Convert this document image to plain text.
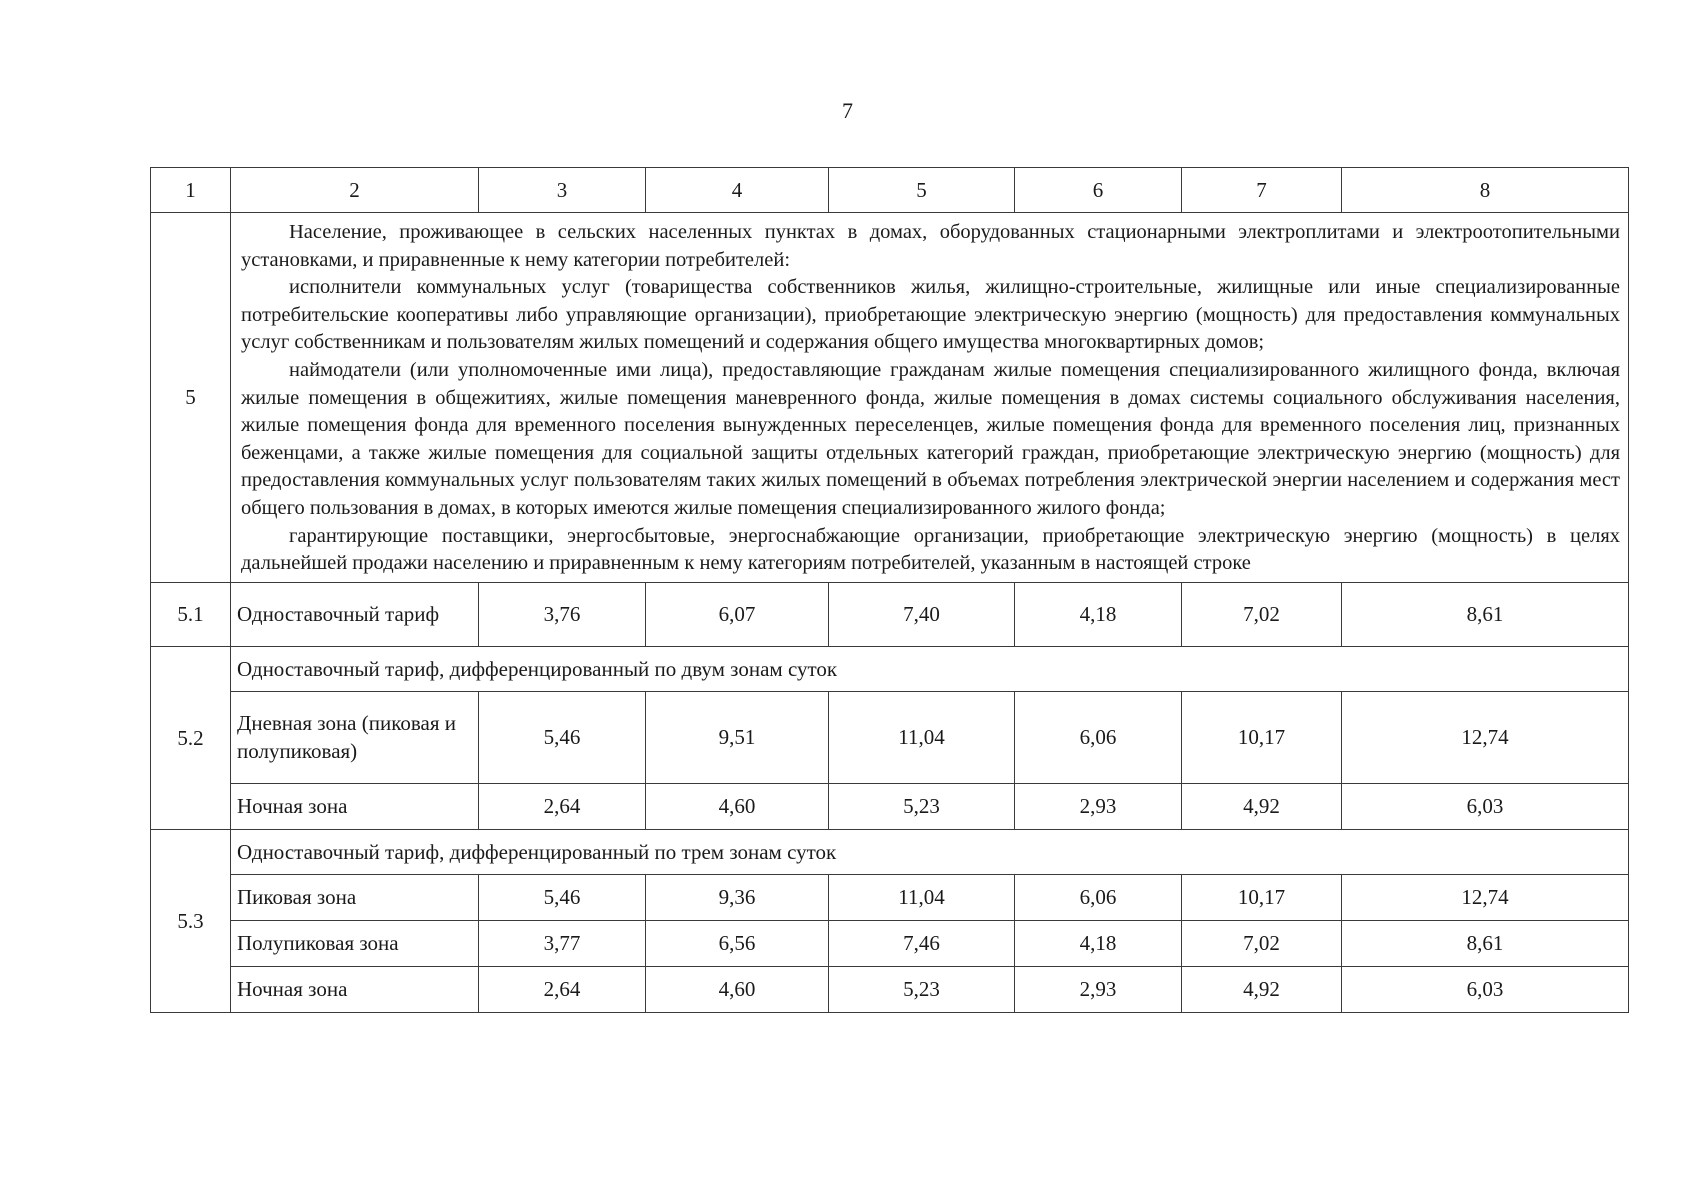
7
1	2	3	4	5	6	7	8
5	Население, проживающее в сельских населенных пунктах в домах, оборудованных стационарными электроплитами и электроотопительными установками, и приравненные к нему категории потребителей:

исполнители коммунальных услуг (товарищества собственников жилья, жилищно-строительные, жилищные или иные специализированные потребительские кооперативы либо управляющие организации), приобретающие электрическую энергию (мощность) для предоставления коммунальных услуг собственникам и пользователям жилых помещений и содержания общего имущества многоквартирных домов;

наймодатели (или уполномоченные ими лица), предоставляющие гражданам жилые помещения специализированного жилищного фонда, включая жилые помещения в общежитиях, жилые помещения маневренного фонда, жилые помещения в домах системы социального обслуживания населения, жилые помещения фонда для временного поселения вынужденных переселенцев, жилые помещения фонда для временного поселения лиц, признанных беженцами, а также жилые помещения для социальной защиты отдельных категорий граждан, приобретающие электрическую энергию (мощность) для предоставления коммунальных услуг пользователям таких жилых помещений в объемах потребления электрической энергии населением и содержания мест общего пользования в домах, в которых имеются жилые помещения специализированного жилого фонда;

гарантирующие поставщики, энергосбытовые, энергоснабжающие организации, приобретающие электрическую энергию (мощность) в целях дальнейшей продажи населению и приравненным к нему категориям потребителей, указанным в настоящей строке						

5.1	Одноставочный тариф	3,76	6,07	7,40	4,18	7,02	8,61
5.2	Одноставочный тариф, дифференцированный по двум зонам суток						
	Дневная зона (пиковая и полупиковая)	5,46	9,51	11,04	6,06	10,17	12,74
	Ночная зона	2,64	4,60	5,23	2,93	4,92	6,03
5.3	Одноставочный тариф, дифференцированный по трем зонам суток						
	Пиковая зона	5,46	9,36	11,04	6,06	10,17	12,74
	Полупиковая зона	3,77	6,56	7,46	4,18	7,02	8,61
	Ночная зона	2,64	4,60	5,23	2,93	4,92	6,03
